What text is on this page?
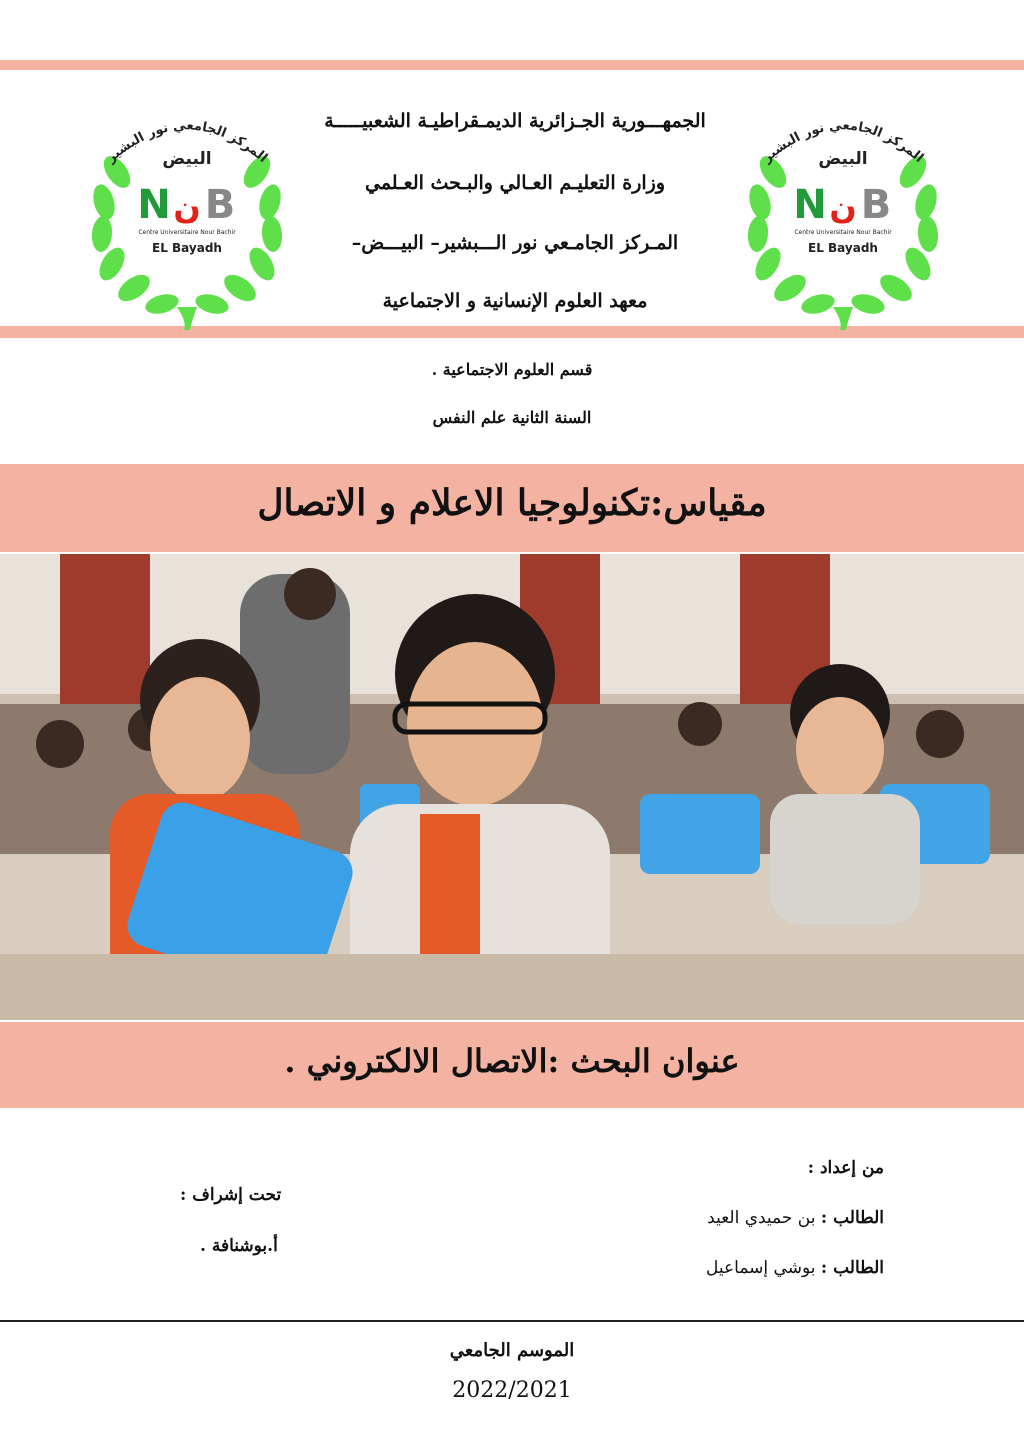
المركز الجامعي نور البشير
البيض
N ن B
Centre Universitaire Nour Bachir
EL Bayadh
المركز الجامعي نور البشير
البيض
N ن B
Centre Universitaire Nour Bachir
EL Bayadh
الجمهـــورية الجـزائرية الديمـقراطيـة الشعبيـــــة
وزارة التعليـم العـالي والبـحث العـلمي
المـركز الجامـعي نور الـــبشير– البيـــض–
معهد العلوم الإنسانية و الاجتماعية
قسم العلوم الاجتماعية .
السنة الثانية علم النفس
مقياس:تكنولوجيا الاعلام و الاتصال
عنوان البحث :الاتصال الالكتروني .
من إعداد :
الطالب : بن حميدي العيد
الطالب : بوشي إسماعيل
تحت إشراف :
أ.بوشنافة .
الموسم الجامعي
2022/2021
